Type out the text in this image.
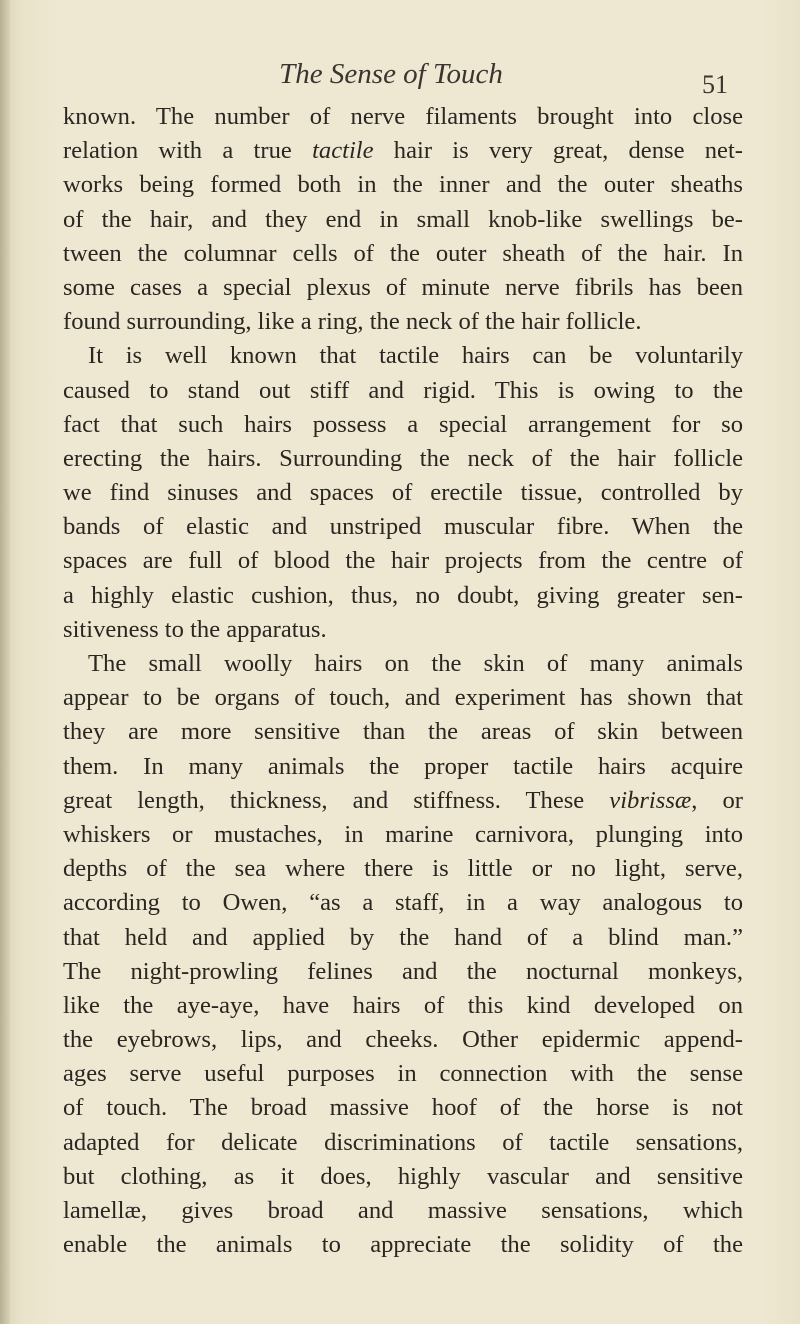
The Sense of Touch	51
known. The number of nerve filaments brought into close
relation with a true tactile hair is very great, dense net-
works being formed both in the inner and the outer sheaths
of the hair, and they end in small knob-like swellings be-
tween the columnar cells of the outer sheath of the hair. In
some cases a special plexus of minute nerve fibrils has been
found surrounding, like a ring, the neck of the hair follicle.
It is well known that tactile hairs can be voluntarily
caused to stand out stiff and rigid. This is owing to the
fact that such hairs possess a special arrangement for so
erecting the hairs. Surrounding the neck of the hair follicle
we find sinuses and spaces of erectile tissue, controlled by
bands of elastic and unstriped muscular fibre. When the
spaces are full of blood the hair projects from the centre of
a highly elastic cushion, thus, no doubt, giving greater sen-
sitiveness to the apparatus.
The small woolly hairs on the skin of many animals
appear to be organs of touch, and experiment has shown that
they are more sensitive than the areas of skin between
them. In many animals the proper tactile hairs acquire
great length, thickness, and stiffness. These vibrissæ, or
whiskers or mustaches, in marine carnivora, plunging into
depths of the sea where there is little or no light, serve,
according to Owen, “as a staff, in a way analogous to
that held and applied by the hand of a blind man.”
The night-prowling felines and the nocturnal monkeys,
like the aye-aye, have hairs of this kind developed on
the eyebrows, lips, and cheeks. Other epidermic append-
ages serve useful purposes in connection with the sense
of touch. The broad massive hoof of the horse is not
adapted for delicate discriminations of tactile sensations,
but clothing, as it does, highly vascular and sensitive
lamellæ, gives broad and massive sensations, which
enable the animals to appreciate the solidity of the
